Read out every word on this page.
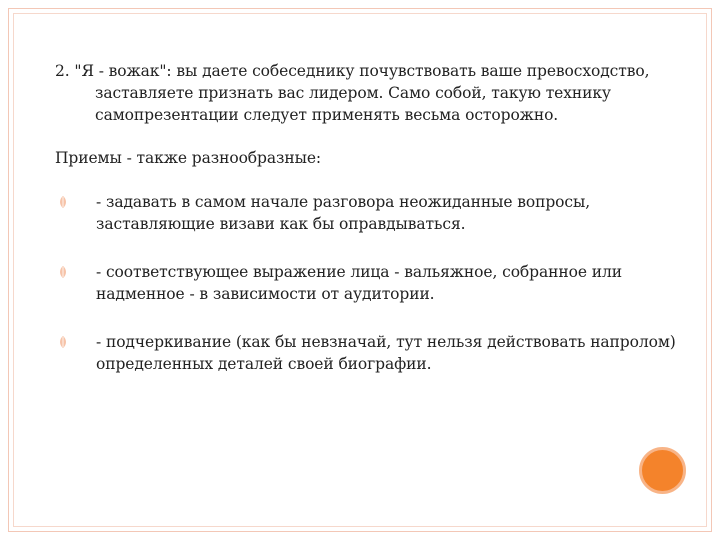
2. "Я - вожак": вы даете собеседнику почувствовать ваше превосходство, заставляете признать вас лидером. Само собой, такую технику самопрезентации следует применять весьма осторожно.
Приемы - также разнообразные:
- задавать в самом начале разговора неожиданные вопросы, заставляющие визави как бы оправдываться.
- соответствующее выражение лица - вальяжное, собранное или надменное - в зависимости от аудитории.
- подчеркивание (как бы невзначай, тут нельзя действовать напролом) определенных деталей своей биографии.
